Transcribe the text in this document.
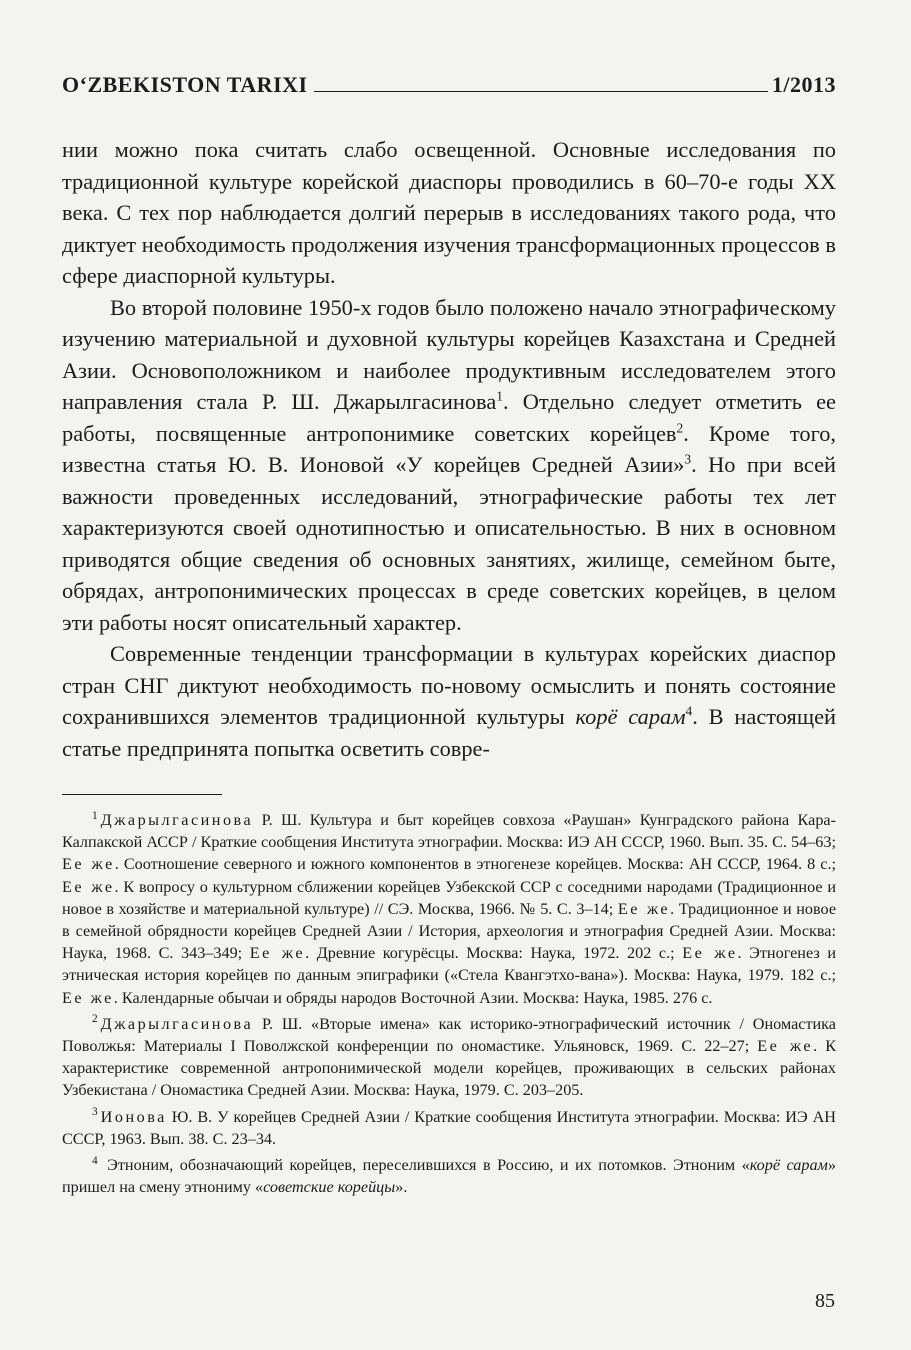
O‘ZBEKISTON TARIXI	1/2013

нии можно пока считать слабо освещенной. Основные исследования по традиционной культуре корейской диаспоры проводились в 60–70-е годы XX века. С тех пор наблюдается долгий перерыв в исследованиях такого рода, что диктует необходимость продолжения изучения трансформационных процессов в сфере диаспорной культуры.

Во второй половине 1950-х годов было положено начало этнографическому изучению материальной и духовной культуры корейцев Казахстана и Средней Азии. Основоположником и наиболее продуктивным исследователем этого направления стала Р. Ш. Джарылгасинова$^1$. Отдельно следует отметить ее работы, посвященные антропонимике советских корейцев$^2$. Кроме того, известна статья Ю. В. Ионовой «У корейцев Средней Азии»$^3$. Но при всей важности проведенных исследований, этнографические работы тех лет характеризуются своей однотипностью и описательностью. В них в основном приводятся общие сведения об основных занятиях, жилище, семейном быте, обрядах, антропонимических процессах в среде советских корейцев, в целом эти работы носят описательный характер.

Современные тенденции трансформации в культурах корейских диаспор стран СНГ диктуют необходимость по-новому осмыслить и понять состояние сохранившихся элементов традиционной культуры корё сарам$^4$. В настоящей статье предпринята попытка осветить совре-

$^1$ Джарылгасинова Р. Ш. Культура и быт корейцев совхоза «Раушан» Кунградского района Кара-Калпакской АССР / Краткие сообщения Института этнографии. Москва: ИЭ АН СССР, 1960. Вып. 35. С. 54–63; Ее же. Соотношение северного и южного компонентов в этногенезе корейцев. Москва: АН СССР, 1964. 8 с.; Ее же. К вопросу о культурном сближении корейцев Узбекской ССР с соседними народами (Традиционное и новое в хозяйстве и материальной культуре) // СЭ. Москва, 1966. № 5. С. 3–14; Ее же. Традиционное и новое в семейной обрядности корейцев Средней Азии / История, археология и этнография Средней Азии. Москва: Наука, 1968. С. 343–349; Ее же. Древние когурёсцы. Москва: Наука, 1972. 202 с.; Ее же. Этногенез и этническая история корейцев по данным эпиграфики («Стела Квангэтхо-вана»). Москва: Наука, 1979. 182 с.; Ее же. Календарные обычаи и обряды народов Восточной Азии. Москва: Наука, 1985. 276 с.

$^2$ Джарылгасинова Р. Ш. «Вторые имена» как историко-этнографический источник / Ономастика Поволжья: Материалы I Поволжской конференции по ономастике. Ульяновск, 1969. С. 22–27; Ее же. К характеристике современной антропонимической модели корейцев, проживающих в сельских районах Узбекистана / Ономастика Средней Азии. Москва: Наука, 1979. С. 203–205.

$^3$ Ионова Ю. В. У корейцев Средней Азии / Краткие сообщения Института этнографии. Москва: ИЭ АН СССР, 1963. Вып. 38. С. 23–34.

$^4$ Этноним, обозначающий корейцев, переселившихся в Россию, и их потомков. Этноним «корё сарам» пришел на смену этнониму «советские корейцы».

85
